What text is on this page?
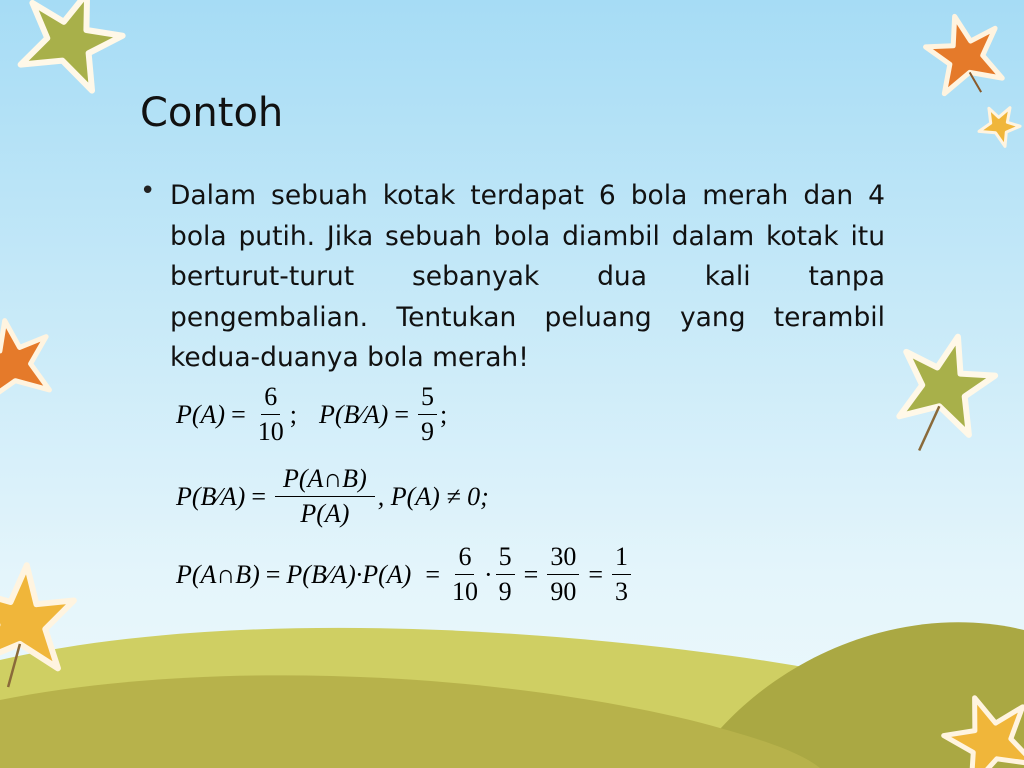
Contoh
• Dalam sebuah kotak terdapat 6 bola merah dan 4 bola putih. Jika sebuah bola diambil dalam kotak itu berturut-turut sebanyak dua kali tanpa pengembalian. Tentukan peluang yang terambil kedua-duanya bola merah!
$P(A) = \frac{6}{10}$ ; P(B∕A) = $\frac{5}{9}$ ;
P(B∕A) = $\frac{P(A\cap B)}{P(A)}$ , P(A) ≠ 0;
P(A∩B) = P(B∕A)·P(A) = $\frac{6}{10} \cdot \frac{5}{9} = \frac{30}{90} = \frac{1}{3}$
